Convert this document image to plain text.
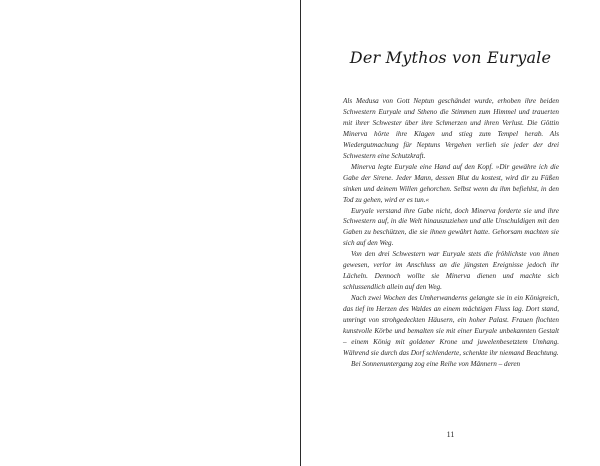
Der Mythos von Euryale

Als Medusa von Gott Neptun geschändet wurde, erhoben ihre beiden Schwestern Euryale und Stheno die Stimmen zum Himmel und trauerten mit ihrer Schwester über ihre Schmerzen und ihren Verlust. Die Göttin Minerva hörte ihre Klagen und stieg zum Tempel herab. Als Wiedergutmachung für Neptuns Vergehen verlieh sie jeder der drei Schwestern eine Schutzkraft.

Minerva legte Euryale eine Hand auf den Kopf. »Dir gewähre ich die Gabe der Sirene. Jeder Mann, dessen Blut du kostest, wird dir zu Füßen sinken und deinem Willen gehorchen. Selbst wenn du ihm befiehlst, in den Tod zu gehen, wird er es tun.«

Euryale verstand ihre Gabe nicht, doch Minerva forderte sie und ihre Schwestern auf, in die Welt hinauszuziehen und alle Unschuldigen mit den Gaben zu beschützen, die sie ihnen gewährt hatte. Gehorsam machten sie sich auf den Weg.

Von den drei Schwestern war Euryale stets die fröhlichste von ihnen gewesen, verlor im Anschluss an die jüngsten Ereignisse jedoch ihr Lächeln. Dennoch wollte sie Minerva dienen und machte sich schlussendlich allein auf den Weg.

Nach zwei Wochen des Umherwanderns gelangte sie in ein Königreich, das tief im Herzen des Waldes an einem mächtigen Fluss lag. Dort stand, umringt von strohgedeckten Häusern, ein hoher Palast. Frauen flochten kunstvolle Körbe und bemalten sie mit einer Euryale unbekannten Gestalt – einem König mit goldener Krone und juwelenbesetztem Umhang. Während sie durch das Dorf schlenderte, schenkte ihr niemand Beachtung.

Bei Sonnenuntergang zog eine Reihe von Männern – deren

11
